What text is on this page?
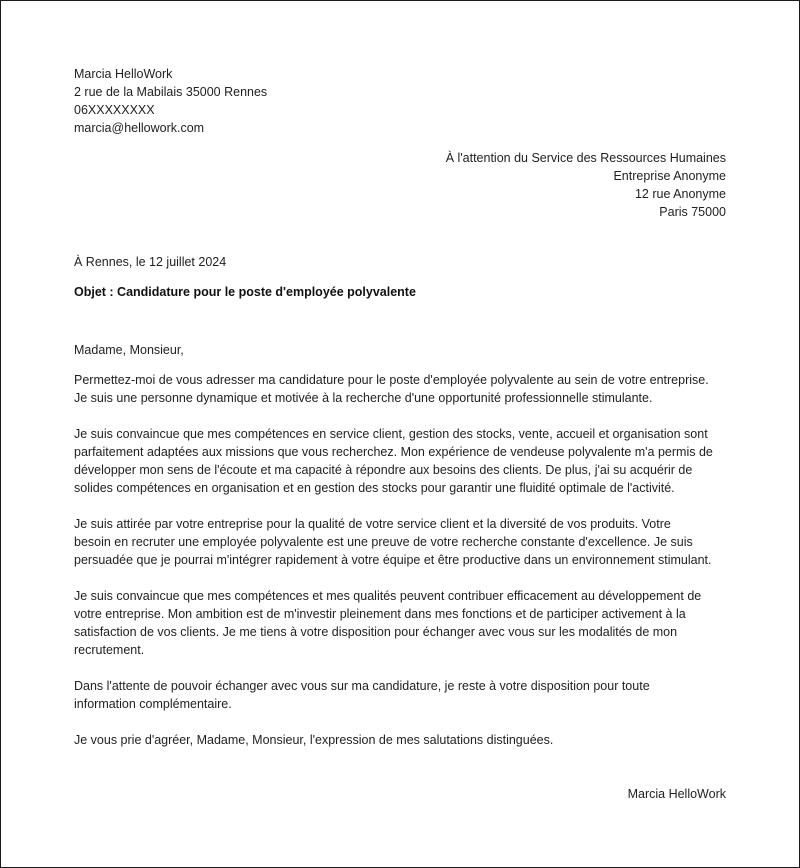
Marcia HelloWork
2 rue de la Mabilais 35000 Rennes
06XXXXXXXX
marcia@hellowork.com
À l'attention du Service des Ressources Humaines
Entreprise Anonyme
12 rue Anonyme
Paris 75000
À Rennes, le 12 juillet 2024
Objet : Candidature pour le poste d'employée polyvalente
Madame, Monsieur,
Permettez-moi de vous adresser ma candidature pour le poste d'employée polyvalente au sein de votre entreprise.
Je suis une personne dynamique et motivée à la recherche d'une opportunité professionnelle stimulante.
Je suis convaincue que mes compétences en service client, gestion des stocks, vente, accueil et organisation sont
parfaitement adaptées aux missions que vous recherchez. Mon expérience de vendeuse polyvalente m'a permis de
développer mon sens de l'écoute et ma capacité à répondre aux besoins des clients. De plus, j'ai su acquérir de
solides compétences en organisation et en gestion des stocks pour garantir une fluidité optimale de l'activité.
Je suis attirée par votre entreprise pour la qualité de votre service client et la diversité de vos produits. Votre
besoin en recruter une employée polyvalente est une preuve de votre recherche constante d'excellence. Je suis
persuadée que je pourrai m'intégrer rapidement à votre équipe et être productive dans un environnement stimulant.
Je suis convaincue que mes compétences et mes qualités peuvent contribuer efficacement au développement de
votre entreprise. Mon ambition est de m'investir pleinement dans mes fonctions et de participer activement à la
satisfaction de vos clients. Je me tiens à votre disposition pour échanger avec vous sur les modalités de mon
recrutement.
Dans l'attente de pouvoir échanger avec vous sur ma candidature, je reste à votre disposition pour toute
information complémentaire.
Je vous prie d'agréer, Madame, Monsieur, l'expression de mes salutations distinguées.
Marcia HelloWork
